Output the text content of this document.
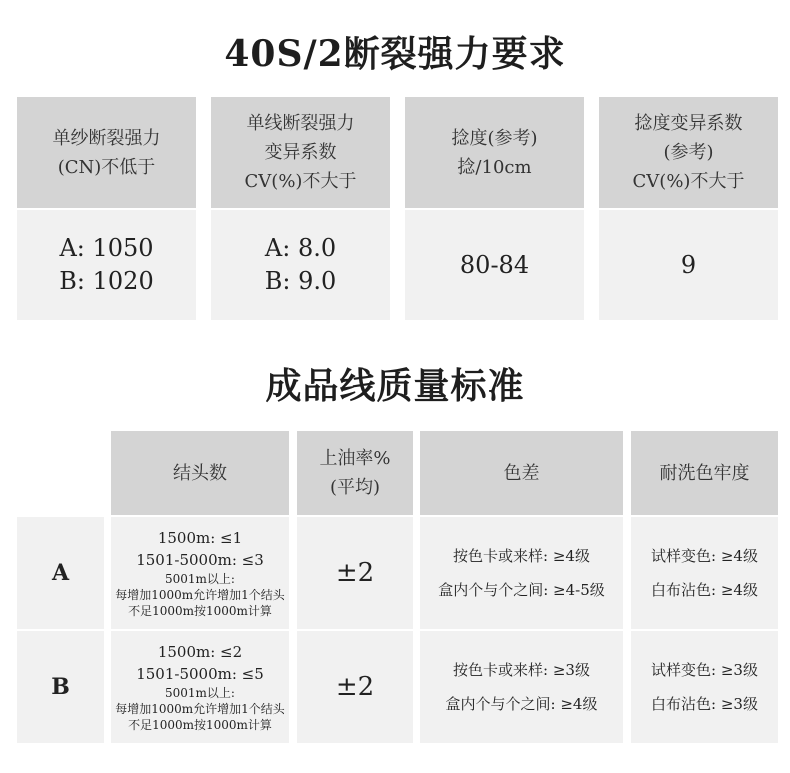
40S/2断裂强力要求
单纱断裂强力
(CN)不低于
单线断裂强力
变异系数
CV(%)不大于
捻度(参考)
捻/10cm
捻度变异系数
(参考)
CV(%)不大于
A: 1050
B: 1020
A: 8.0
B: 9.0
80-84	9
成品线质量标准
结头数
上油率%
(平均)
色差	耐洗色牢度
A
1500m: ≤1
1501-5000m: ≤3
5001m以上:
每增加1000m允许增加1个结头
不足1000m按1000m计算
±2
按色卡或来样: ≥4级
盒内个与个之间: ≥4-5级
试样变色: ≥4级
白布沾色: ≥4级
B
1500m: ≤2
1501-5000m: ≤5
5001m以上:
每增加1000m允许增加1个结头
不足1000m按1000m计算
±2
按色卡或来样: ≥3级
盒内个与个之间: ≥4级
试样变色: ≥3级
白布沾色: ≥3级
